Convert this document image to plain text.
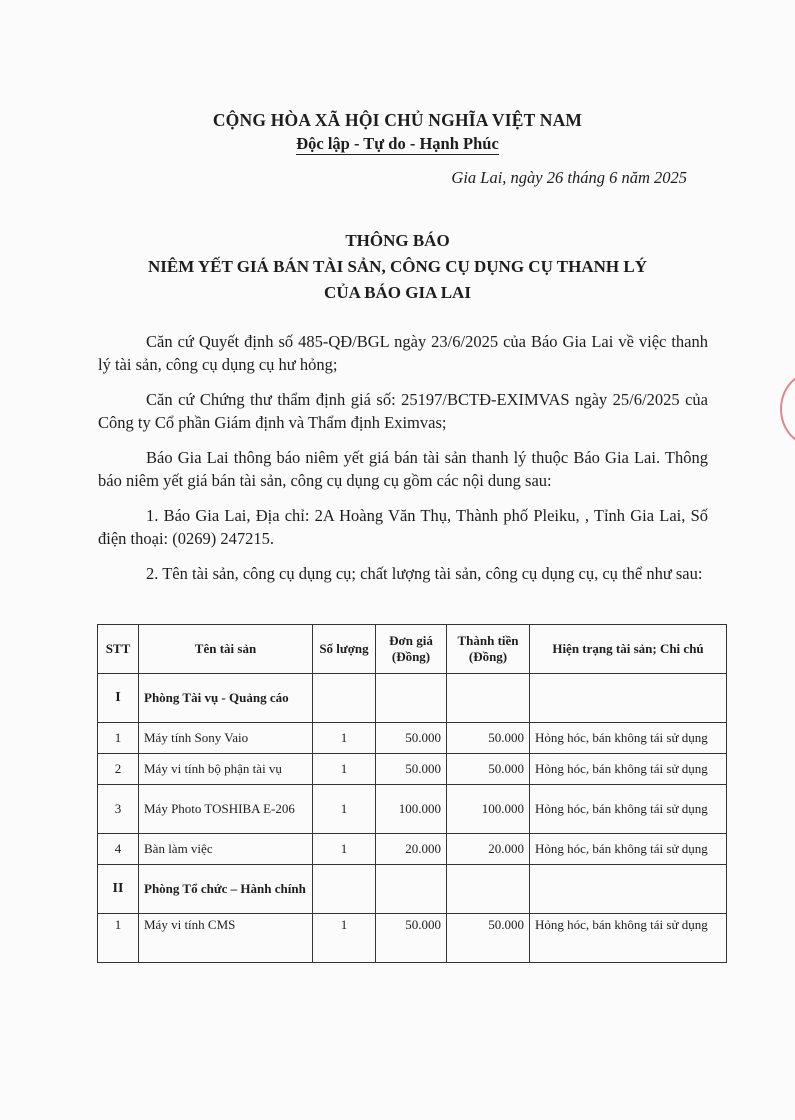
CỘNG HÒA XÃ HỘI CHỦ NGHĨA VIỆT NAM
Độc lập - Tự do - Hạnh Phúc
Gia Lai, ngày 26 tháng 6 năm 2025
THÔNG BÁO
NIÊM YẾT GIÁ BÁN TÀI SẢN, CÔNG CỤ DỤNG CỤ THANH LÝ
CỦA BÁO GIA LAI

Căn cứ Quyết định số 485-QĐ/BGL ngày 23/6/2025 của Báo Gia Lai về việc thanh lý tài sản, công cụ dụng cụ hư hỏng;

Căn cứ Chứng thư thẩm định giá số: 25197/BCTĐ-EXIMVAS ngày 25/6/2025 của Công ty Cổ phần Giám định và Thẩm định Eximvas;

Báo Gia Lai thông báo niêm yết giá bán tài sản thanh lý thuộc Báo Gia Lai. Thông báo niêm yết giá bán tài sản, công cụ dụng cụ gồm các nội dung sau:

1. Báo Gia Lai, Địa chỉ: 2A Hoàng Văn Thụ, Thành phố Pleiku, , Tỉnh Gia Lai, Số điện thoại: (0269) 247215.

2. Tên tài sản, công cụ dụng cụ; chất lượng tài sản, công cụ dụng cụ, cụ thể như sau:

STT	Tên tài sản	Số lượng	Đơn giá (Đồng)	Thành tiền (Đồng)	Hiện trạng tài sản; Chi chú
I	Phòng Tài vụ - Quảng cáo				
1	Máy tính Sony Vaio	1	50.000	50.000	Hỏng hóc, bán không tái sử dụng
2	Máy vi tính bộ phận tài vụ	1	50.000	50.000	Hỏng hóc, bán không tái sử dụng
3	Máy Photo TOSHIBA E-206	1	100.000	100.000	Hỏng hóc, bán không tái sử dụng
4	Bàn làm việc	1	20.000	20.000	Hỏng hóc, bán không tái sử dụng
II	Phòng Tổ chức – Hành chính				
1	Máy vi tính CMS	1	50.000	50.000	Hỏng hóc, bán không tái sử dụng
